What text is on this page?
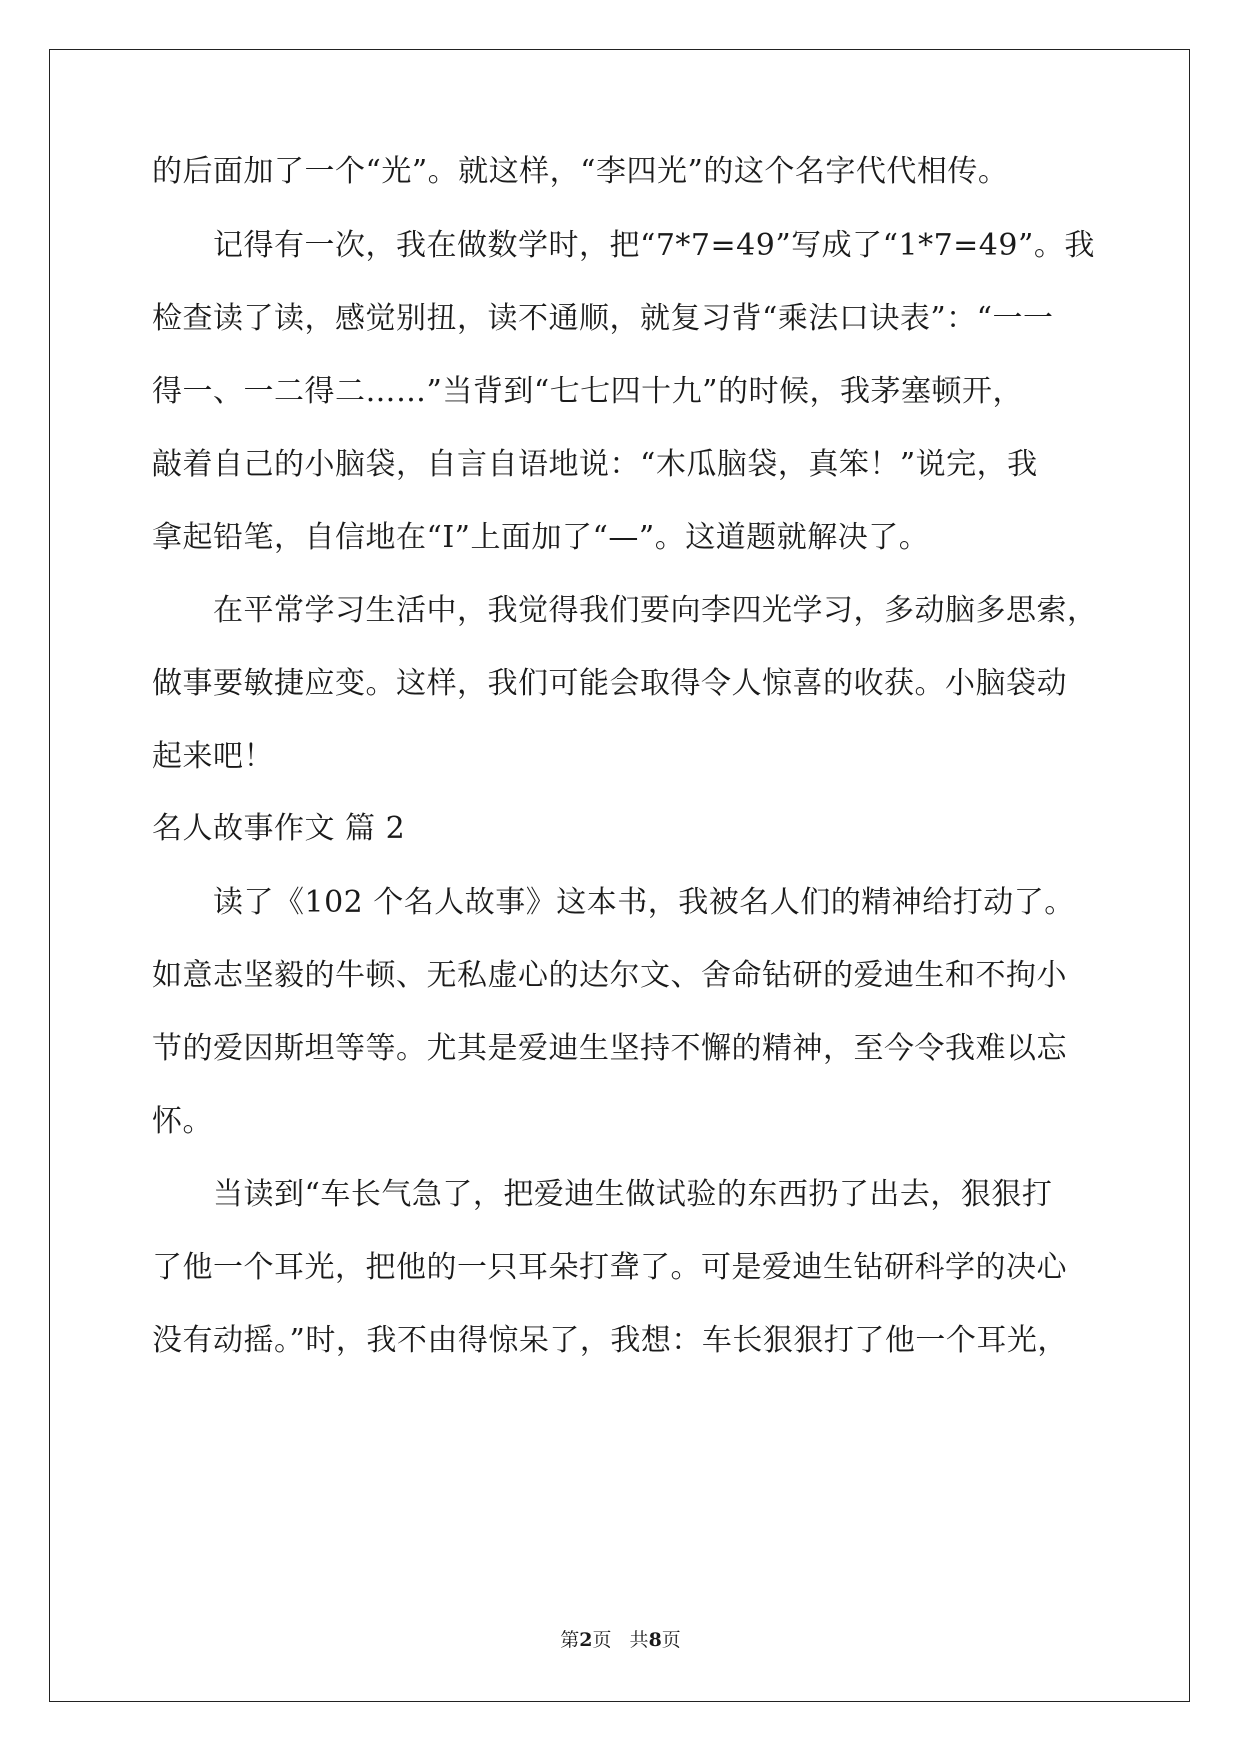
的后面加了一个“光”。就这样，“李四光”的这个名字代代相传。
记得有一次，我在做数学时，把“7*7=49”写成了“1*7=49”。我
检查读了读，感觉别扭，读不通顺，就复习背“乘法口诀表”：“一一
得一、一二得二……”当背到“七七四十九”的时候，我茅塞顿开，
敲着自己的小脑袋，自言自语地说：“木瓜脑袋，真笨！”说完，我
拿起铅笔，自信地在“I”上面加了“—”。这道题就解决了。
在平常学习生活中，我觉得我们要向李四光学习，多动脑多思索，
做事要敏捷应变。这样，我们可能会取得令人惊喜的收获。小脑袋动
起来吧！
名人故事作文 篇 2
读了《102 个名人故事》这本书，我被名人们的精神给打动了。
如意志坚毅的牛顿、无私虚心的达尔文、舍命钻研的爱迪生和不拘小
节的爱因斯坦等等。尤其是爱迪生坚持不懈的精神，至今令我难以忘
怀。
当读到“车长气急了，把爱迪生做试验的东西扔了出去，狠狠打
了他一个耳光，把他的一只耳朵打聋了。可是爱迪生钻研科学的决心
没有动摇。”时，我不由得惊呆了，我想：车长狠狠打了他一个耳光，
第2页   共8页
